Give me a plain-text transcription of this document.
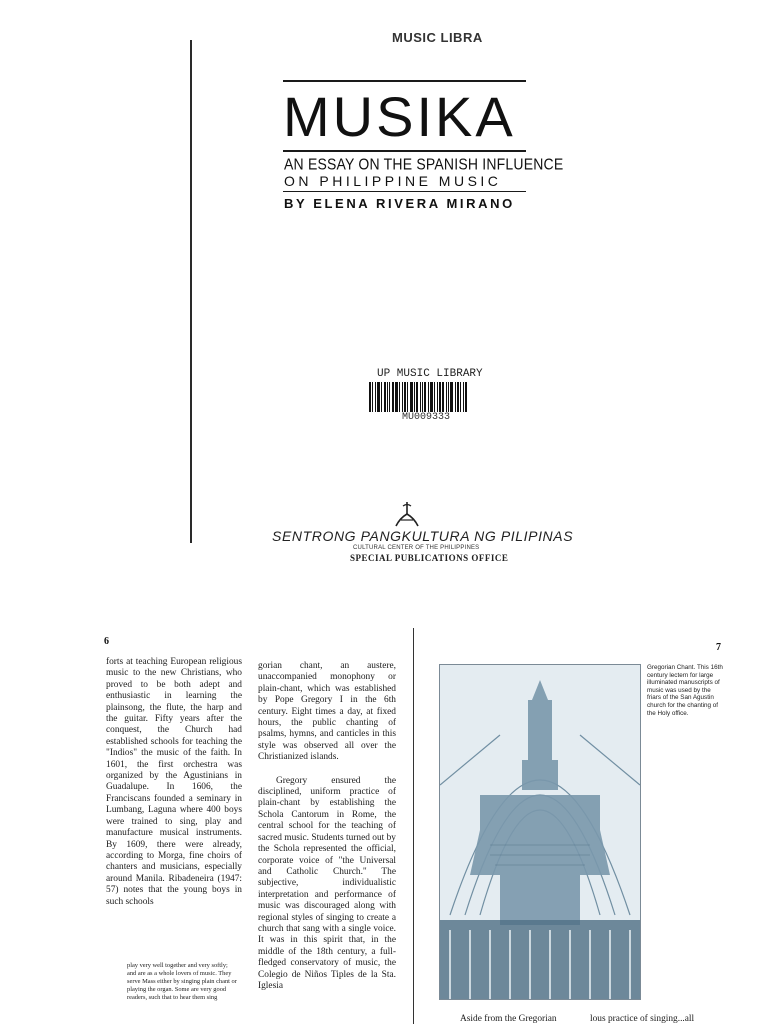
MUSIC LIBRA
MUSIKA
AN ESSAY ON THE SPANISH INFLUENCE
ON PHILIPPINE MUSIC
BY ELENA RIVERA MIRANO
UP MUSIC LIBRARY
MU009333
SENTRONG PANGKULTURA NG PILIPINAS
CULTURAL CENTER OF THE PHILIPPINES
SPECIAL PUBLICATIONS OFFICE
6
7
forts at teaching European religious music to the new Christians, who proved to be both adept and enthusiastic in learning the plainsong, the flute, the harp and the guitar. Fifty years after the conquest, the Church had established schools for teaching the "Indios" the music of the faith. In 1601, the first orchestra was organized by the Agustinians in Guadalupe. In 1606, the Franciscans founded a seminary in Lumbang, Laguna where 400 boys were trained to sing, play and manufacture musical instruments. By 1609, there were already, according to Morga, fine choirs of chanters and musicians, especially around Manila. Ribadeneira (1947: 57) notes that the young boys in such schools
play very well together and very softly; and are as a whole lovers of music. They serve Mass either by singing plain chant or playing the organ. Some are very good readers, such that to hear them sing

gorian chant, an austere, unaccompanied monophony or plain-chant, which was established by Pope Gregory I in the 6th century. Eight times a day, at fixed hours, the public chanting of psalms, hymns, and canticles in this style was observed all over the Christianized islands.

Gregory ensured the disciplined, uniform practice of plain-chant by establishing the Schola Cantorum in Rome, the central school for the teaching of sacred music. Students turned out by the Schola represented the official, corporate voice of "the Universal and Catholic Church." The subjective, individualistic interpretation and performance of music was discouraged along with regional styles of singing to create a church that sang with a single voice. It was in this spirit that, in the middle of the 18th century, a full-fledged conservatory of music, the Colegio de Niños Tiples de la Sta. Iglesia

Gregorian Chant. This 16th century lectern for large illuminated manuscripts of music was used by the friars of the San Agustin church for the chanting of the Holy office.
Aside from the Gregorian	lous practice of singing...all
